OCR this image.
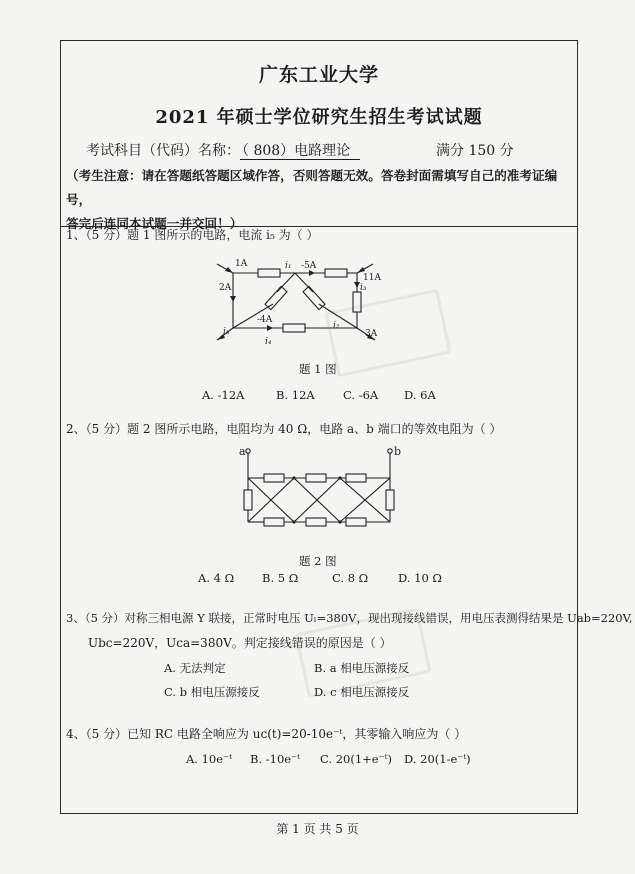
广东工业大学
2021 年硕士学位研究生招生考试试题
考试科目（代码）名称： （ 808）电路理论	满分 150 分
（考生注意：请在答题纸答题区域作答，否则答题无效。答卷封面需填写自己的准考证编号，
答完后连同本试题一并交回！）
1、（5 分）题 1 图所示的电路，电流 i₅ 为（ ）
1A
2A
i₁ -5A
11A
i₃
-4A
i₂
3A
i₅
i₄
题 1 图
A. -12A	B. 12A C. -6A D. 6A
2、（5 分）题 2 图所示电路，电阻均为 40 Ω，电路 a、b 端口的等效电阻为（ ）
a	b
题 2 图
A. 4 Ω B. 5 Ω	C. 8 Ω	D. 10 Ω
3、（5 分）对称三相电源 Y 联接，正常时电压 Uₗ=380V，现出现接线错误，用电压表测得结果是 Uab=220V,
Ubc=220V，Uca=380V。判定接线错误的原因是（ ）
A. 无法判定	B. a 相电压源接反
C. b 相电压源接反	D. c 相电压源接反
4、（5 分）已知 RC 电路全响应为 uᴄ(t)=20-10e⁻ᵗ，其零输入响应为（ ）
A. 10e⁻ᵗ B. -10e⁻ᵗ C. 20(1+e⁻ᵗ) D. 20(1-e⁻ᵗ)
第 1 页 共 5 页
